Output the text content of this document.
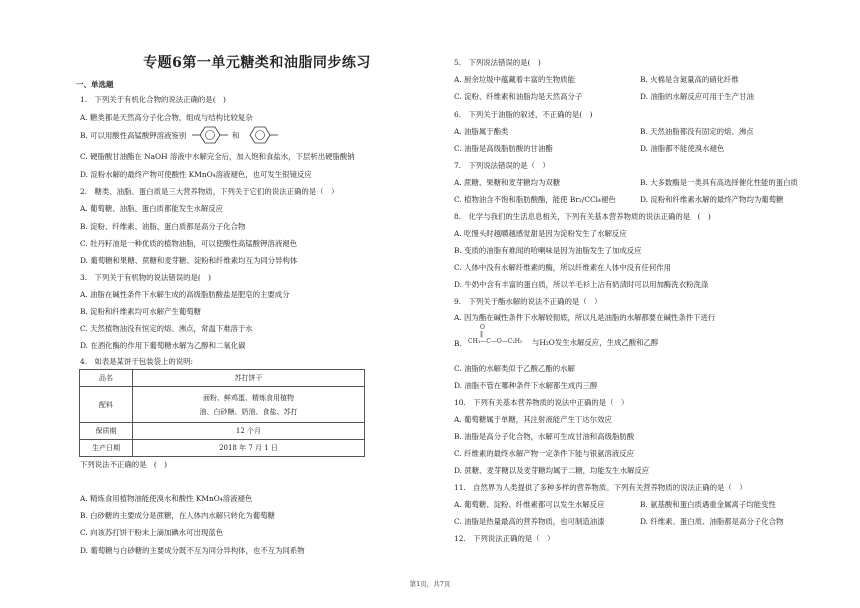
专题6第一单元糖类和油脂同步练习
一、单选题
1.　下列关于有机化合物的说法正确的是(　)
A. 糖类都是天然高分子化合物，组成与结构比较复杂
B. 可以用酸性高锰酸钾溶液鉴别	和
C. 硬脂酸甘油酯在 NaOH 溶液中水解完全后，加入饱和食盐水，下层析出硬脂酸钠
D. 淀粉水解的最终产物可使酸性 KMnO₄溶液褪色，也可发生银镜反应
2.　糖类、油脂、蛋白质是三大营养物质，下列关于它们的说法正确的是（　）
A. 葡萄糖、油脂、蛋白质都能发生水解反应
B. 淀粉、纤维素、油脂、蛋白质都是高分子化合物
C. 牡丹籽油是一种优质的植物油脂，可以使酸性高锰酸钾溶液褪色
D. 葡萄糖和果糖、蔗糖和麦芽糖、淀粉和纤维素均互为同分异构体
3.　下列关于有机物的说法错误的是(　)
A. 油脂在碱性条件下水解生成的高级脂肪酸盐是肥皂的主要成分
B. 淀粉和纤维素均可水解产生葡萄糖
C. 天然植物油没有恒定的熔、沸点，常温下难溶于水
D. 在酒化酶的作用下葡萄糖水解为乙醇和二氧化碳
4.　如表是某饼干包装袋上的说明:
品名	苏打饼干
配料	面粉、鲜鸡蛋、精炼食用植物
油、白砂糖、奶油、食盐、苏打

保质期	12 个月
生产日期	2018 年 7 月 1 日
下列说法不正确的是　(　)
A. 精炼食用植物油能使溴水和酸性 KMnO₄溶液褪色
B. 白砂糖的主要成分是蔗糖，在人体内水解只转化为葡萄糖
C. 向该苏打饼干粉末上滴加碘水可出现蓝色
D. 葡萄糖与白砂糖的主要成分既不互为同分异构体，也不互为同系物
5.　下列说法错误的是(　)
A. 厨余垃圾中蕴藏着丰富的生物质能	B. 火棉是含氮量高的硝化纤维
C. 淀粉、纤维素和油脂均是天然高分子	D. 油脂的水解反应可用于生产甘油
6.　下列关于油脂的叙述，不正确的是(　)
A. 油脂属于酯类	B. 天然油脂都没有固定的熔、沸点
C. 油脂是高级脂肪酸的甘油酯	D. 油脂都不能使溴水褪色
7.　下列说法错误的是（　）
A. 蔗糖、果糖和麦芽糖均为双糖	B. 大多数酶是一类具有高选择催化性能的蛋白质
C. 植物油含不饱和脂肪酸酯，能使 Br₂/CCl₄褪色	D. 淀粉和纤维素水解的最终产物均为葡萄糖
8.　化学与我们的生活息息相关，下列有关基本营养物质的说法正确的是　(　)
A. 吃馒头时越嚼越感觉甜是因为淀粉发生了水解反应
B. 变质的油脂有难闻的哈喇味是因为油脂发生了加成反应
C. 人体中没有水解纤维素的酶，所以纤维素在人体中没有任何作用
D. 牛奶中含有丰富的蛋白质，所以羊毛衫上沾有奶渍时可以用加酶洗衣粉洗涤
9.　下列关于酯水解的说法不正确的是（　）
A. 因为酯在碱性条件下水解较彻底，所以凡是油脂的水解都要在碱性条件下进行
B.
O
‖
CH₃—C—O—C₂H₅ 与H₂O发生水解反应，生成乙酸和乙醇
C. 油脂的水解类似于乙酸乙酯的水解
D. 油脂不管在哪种条件下水解都生成丙三醇
10.　下列有关基本营养物质的说法中正确的是（　）
A. 葡萄糖属于单糖，其注射液能产生丁达尔效应
B. 油脂是高分子化合物，水解可生成甘油和高级脂肪酸
C. 纤维素的最终水解产物一定条件下能与银氨溶液反应
D. 蔗糖、麦芽糖以及麦芽糖均属于二糖，均能发生水解反应
11.　自然界为人类提供了多种多样的营养物质。下列有关营养物质的说法正确的是（　）
A. 葡萄糖、淀粉、纤维素都可以发生水解反应	B. 氨基酸和蛋白质遇重金属离子均能变性
C. 油脂是热量最高的营养物质，也可制造油漆	D. 纤维素、蛋白质、油脂都是高分子化合物
12.　下列说法正确的是（　）
第1页，共7页
